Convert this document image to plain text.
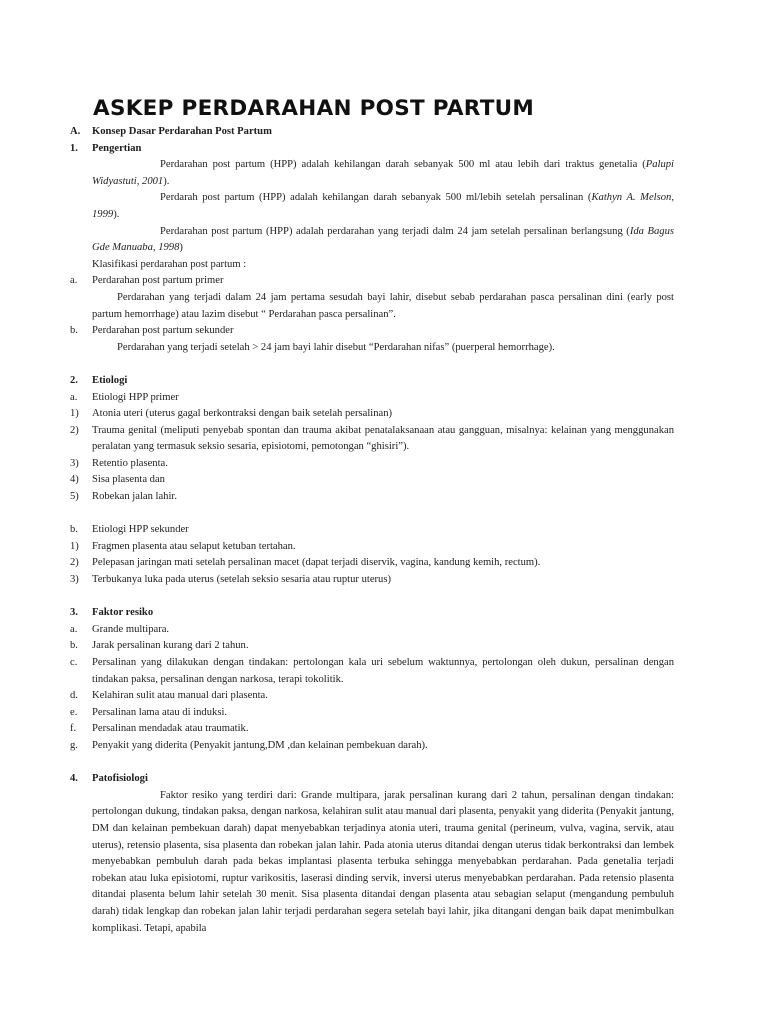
ASKEP PERDARAHAN POST PARTUM
A.	Konsep Dasar Perdarahan Post Partum
1.	Pengertian
Perdarahan post partum (HPP) adalah kehilangan darah sebanyak 500 ml atau lebih dari traktus genetalia (Palupi Widyastuti, 2001).
Perdarah post partum (HPP) adalah kehilangan darah sebanyak 500 ml/lebih setelah persalinan (Kathyn A. Melson, 1999).
Perdarahan post partum (HPP) adalah perdarahan yang terjadi dalm 24 jam setelah persalinan berlangsung (Ida Bagus Gde Manuaba, 1998)
Klasifikasi perdarahan post partum :
a.	Perdarahan post partum primer
Perdarahan yang terjadi dalam 24 jam pertama sesudah bayi lahir, disebut sebab perdarahan pasca persalinan dini (early post partum hemorrhage) atau lazim disebut “ Perdarahan pasca persalinan”.
b.	Perdarahan post partum sekunder
Perdarahan yang terjadi setelah > 24 jam bayi lahir disebut “Perdarahan nifas” (puerperal hemorrhage).
2.	Etiologi
a.	Etiologi HPP primer
1)	Atonia uteri (uterus gagal berkontraksi dengan baik setelah persalinan)
2)	Trauma genital (meliputi penyebab spontan dan trauma akibat penatalaksanaan atau gangguan, misalnya: kelainan yang menggunakan peralatan yang termasuk seksio sesaria, episiotomi, pemotongan “ghisiri”).
3)	Retentio plasenta.
4)	Sisa plasenta dan
5)	Robekan jalan lahir.
b.	Etiologi HPP sekunder
1)	Fragmen plasenta atau selaput ketuban tertahan.
2)	Pelepasan jaringan mati setelah persalinan macet (dapat terjadi diservik, vagina, kandung kemih, rectum).
3)	Terbukanya luka pada uterus (setelah seksio sesaria atau ruptur uterus)
3.	Faktor resiko
a.	Grande multipara.
b.	Jarak persalinan kurang dari 2 tahun.
c.	Persalinan yang dilakukan dengan tindakan: pertolongan kala uri sebelum waktunnya, pertolongan oleh dukun, persalinan dengan tindakan paksa, persalinan dengan narkosa, terapi tokolitik.
d.	Kelahiran sulit atau manual dari plasenta.
e.	Persalinan lama atau di induksi.
f.	Persalinan mendadak atau traumatik.
g.	Penyakit yang diderita (Penyakit jantung,DM ,dan kelainan pembekuan darah).
4.	Patofisiologi
Faktor resiko yang terdiri dari: Grande multipara, jarak persalinan kurang dari 2 tahun, persalinan dengan tindakan: pertolongan dukung, tindakan paksa, dengan narkosa, kelahiran sulit atau manual dari plasenta, penyakit yang diderita (Penyakit jantung, DM dan kelainan pembekuan darah) dapat menyebabkan terjadinya atonia uteri, trauma genital (perineum, vulva, vagina, servik, atau uterus), retensio plasenta, sisa plasenta dan robekan jalan lahir. Pada atonia uterus ditandai dengan uterus tidak berkontraksi dan lembek menyebabkan pembuluh darah pada bekas implantasi plasenta terbuka sehingga menyebabkan perdarahan. Pada genetalia terjadi robekan atau luka episiotomi, ruptur varikositis, laserasi dinding servik, inversi uterus menyebabkan perdarahan. Pada retensio plasenta ditandai plasenta belum lahir setelah 30 menit. Sisa plasenta ditandai dengan plasenta atau sebagian selaput (mengandung pembuluh darah) tidak lengkap dan robekan jalan lahir terjadi perdarahan segera setelah bayi lahir, jika ditangani dengan baik dapat menimbulkan komplikasi. Tetapi, apabila
